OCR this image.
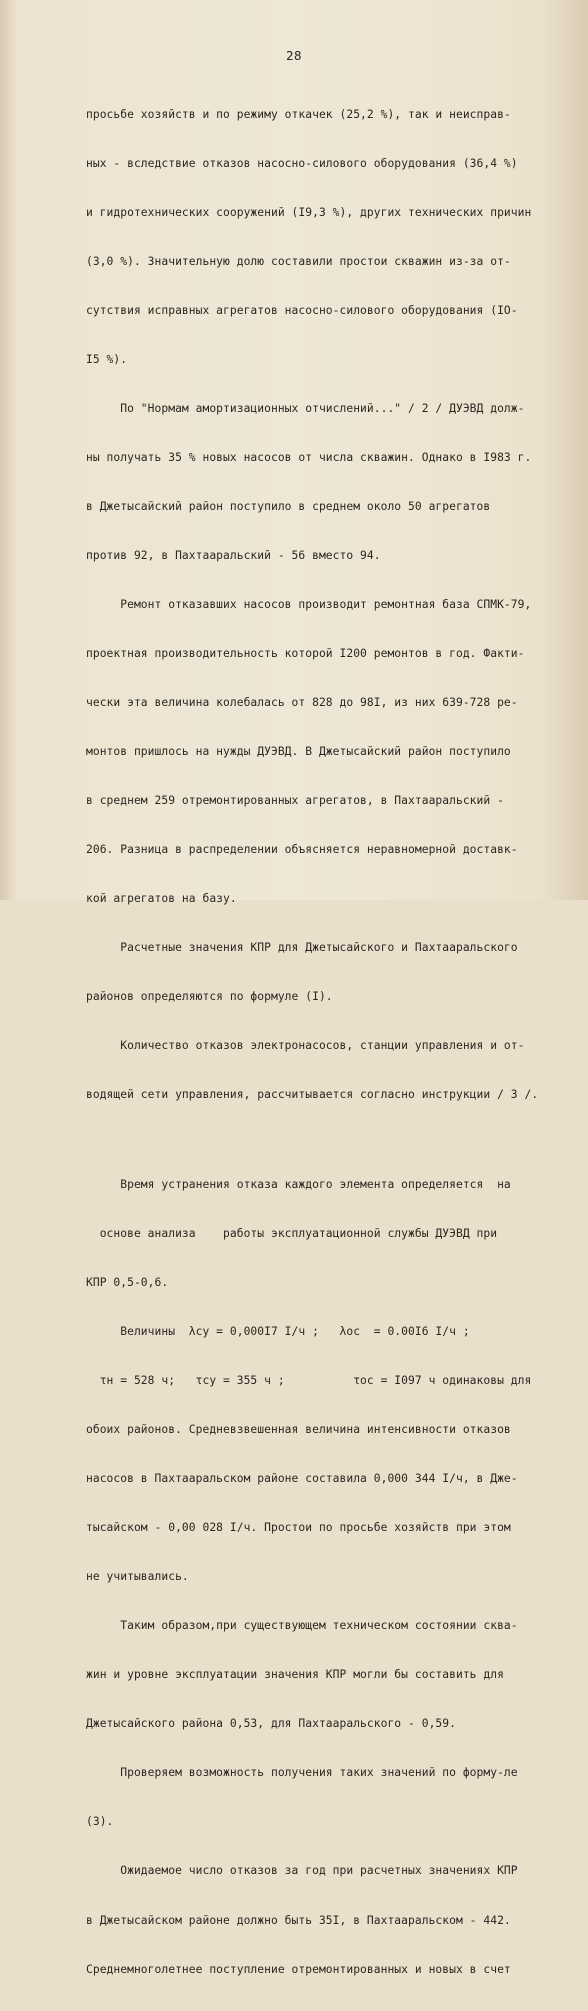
28

просьбе хозяйств и по режиму откачек (25,2 %), так и неисправ-

ных - вследствие отказов насосно-силового оборудования (36,4 %)

и гидротехнических сооружений (I9,3 %), других технических причин

(3,0 %). Значительную долю составили простои скважин из-за от-

сутствия исправных агрегатов насосно-силового оборудования (IО-

I5 %).

По "Нормам амортизационных отчислений..." / 2 / ДУЭВД долж-

ны получать 35 % новых насосов от числа скважин. Однако в I983 г.

в Джетысайский район поступило в среднем около 50 агрегатов

против 92, в Пахтааральский - 56 вместо 94.

Ремонт отказавших насосов производит ремонтная база СПМК-79,

проектная производительность которой I200 ремонтов в год. Факти-

чески эта величина колебалась от 828 до 98I, из них 639-728 ре-

монтов пришлось на нужды ДУЭВД. В Джетысайский район поступило

в среднем 259 отремонтированных агрегатов, в Пахтааральский -

206. Разница в распределении объясняется неравномерной доставк-

кой агрегатов на базу.

Расчетные значения КПР для Джетысайского и Пахтааральского

районов определяются по формуле (I).

Количество отказов электронасосов, станции управления и от-

водящей сети управления, рассчитывается согласно инструкции / 3 /.

Время устранения отказа каждого элемента определяется  на

основе анализа    работы эксплуатационной службы ДУЭВД при

КПР 0,5-0,6.

Величины  λсу = 0,000I7 I/ч ;   λос  = 0.00I6 I/ч ;

τн = 528 ч;   τсу = 355 ч ;          τос = I097 ч одинаковы для

обоих районов. Средневзвешенная величина интенсивности отказов

насосов в Пахтааральском районе составила 0,000 344 I/ч, в Дже-

тысайском - 0,00 028 I/ч. Простои по просьбе хозяйств при этом

не учитывались.

Таким образом,при существующем техническом состоянии сква-

жин и уровне эксплуатации значения КПР могли бы составить для

Джетысайского района 0,53, для Пахтааральского - 0,59.

Проверяем возможность получения таких значений по форму-ле

(3).

Ожидаемое число отказов за год при расчетных значениях КПР

в Джетысайском районе должно быть 35I, в Пахтааральском - 442.

Среднемноголетнее поступление отремонтированных и новых в счет
